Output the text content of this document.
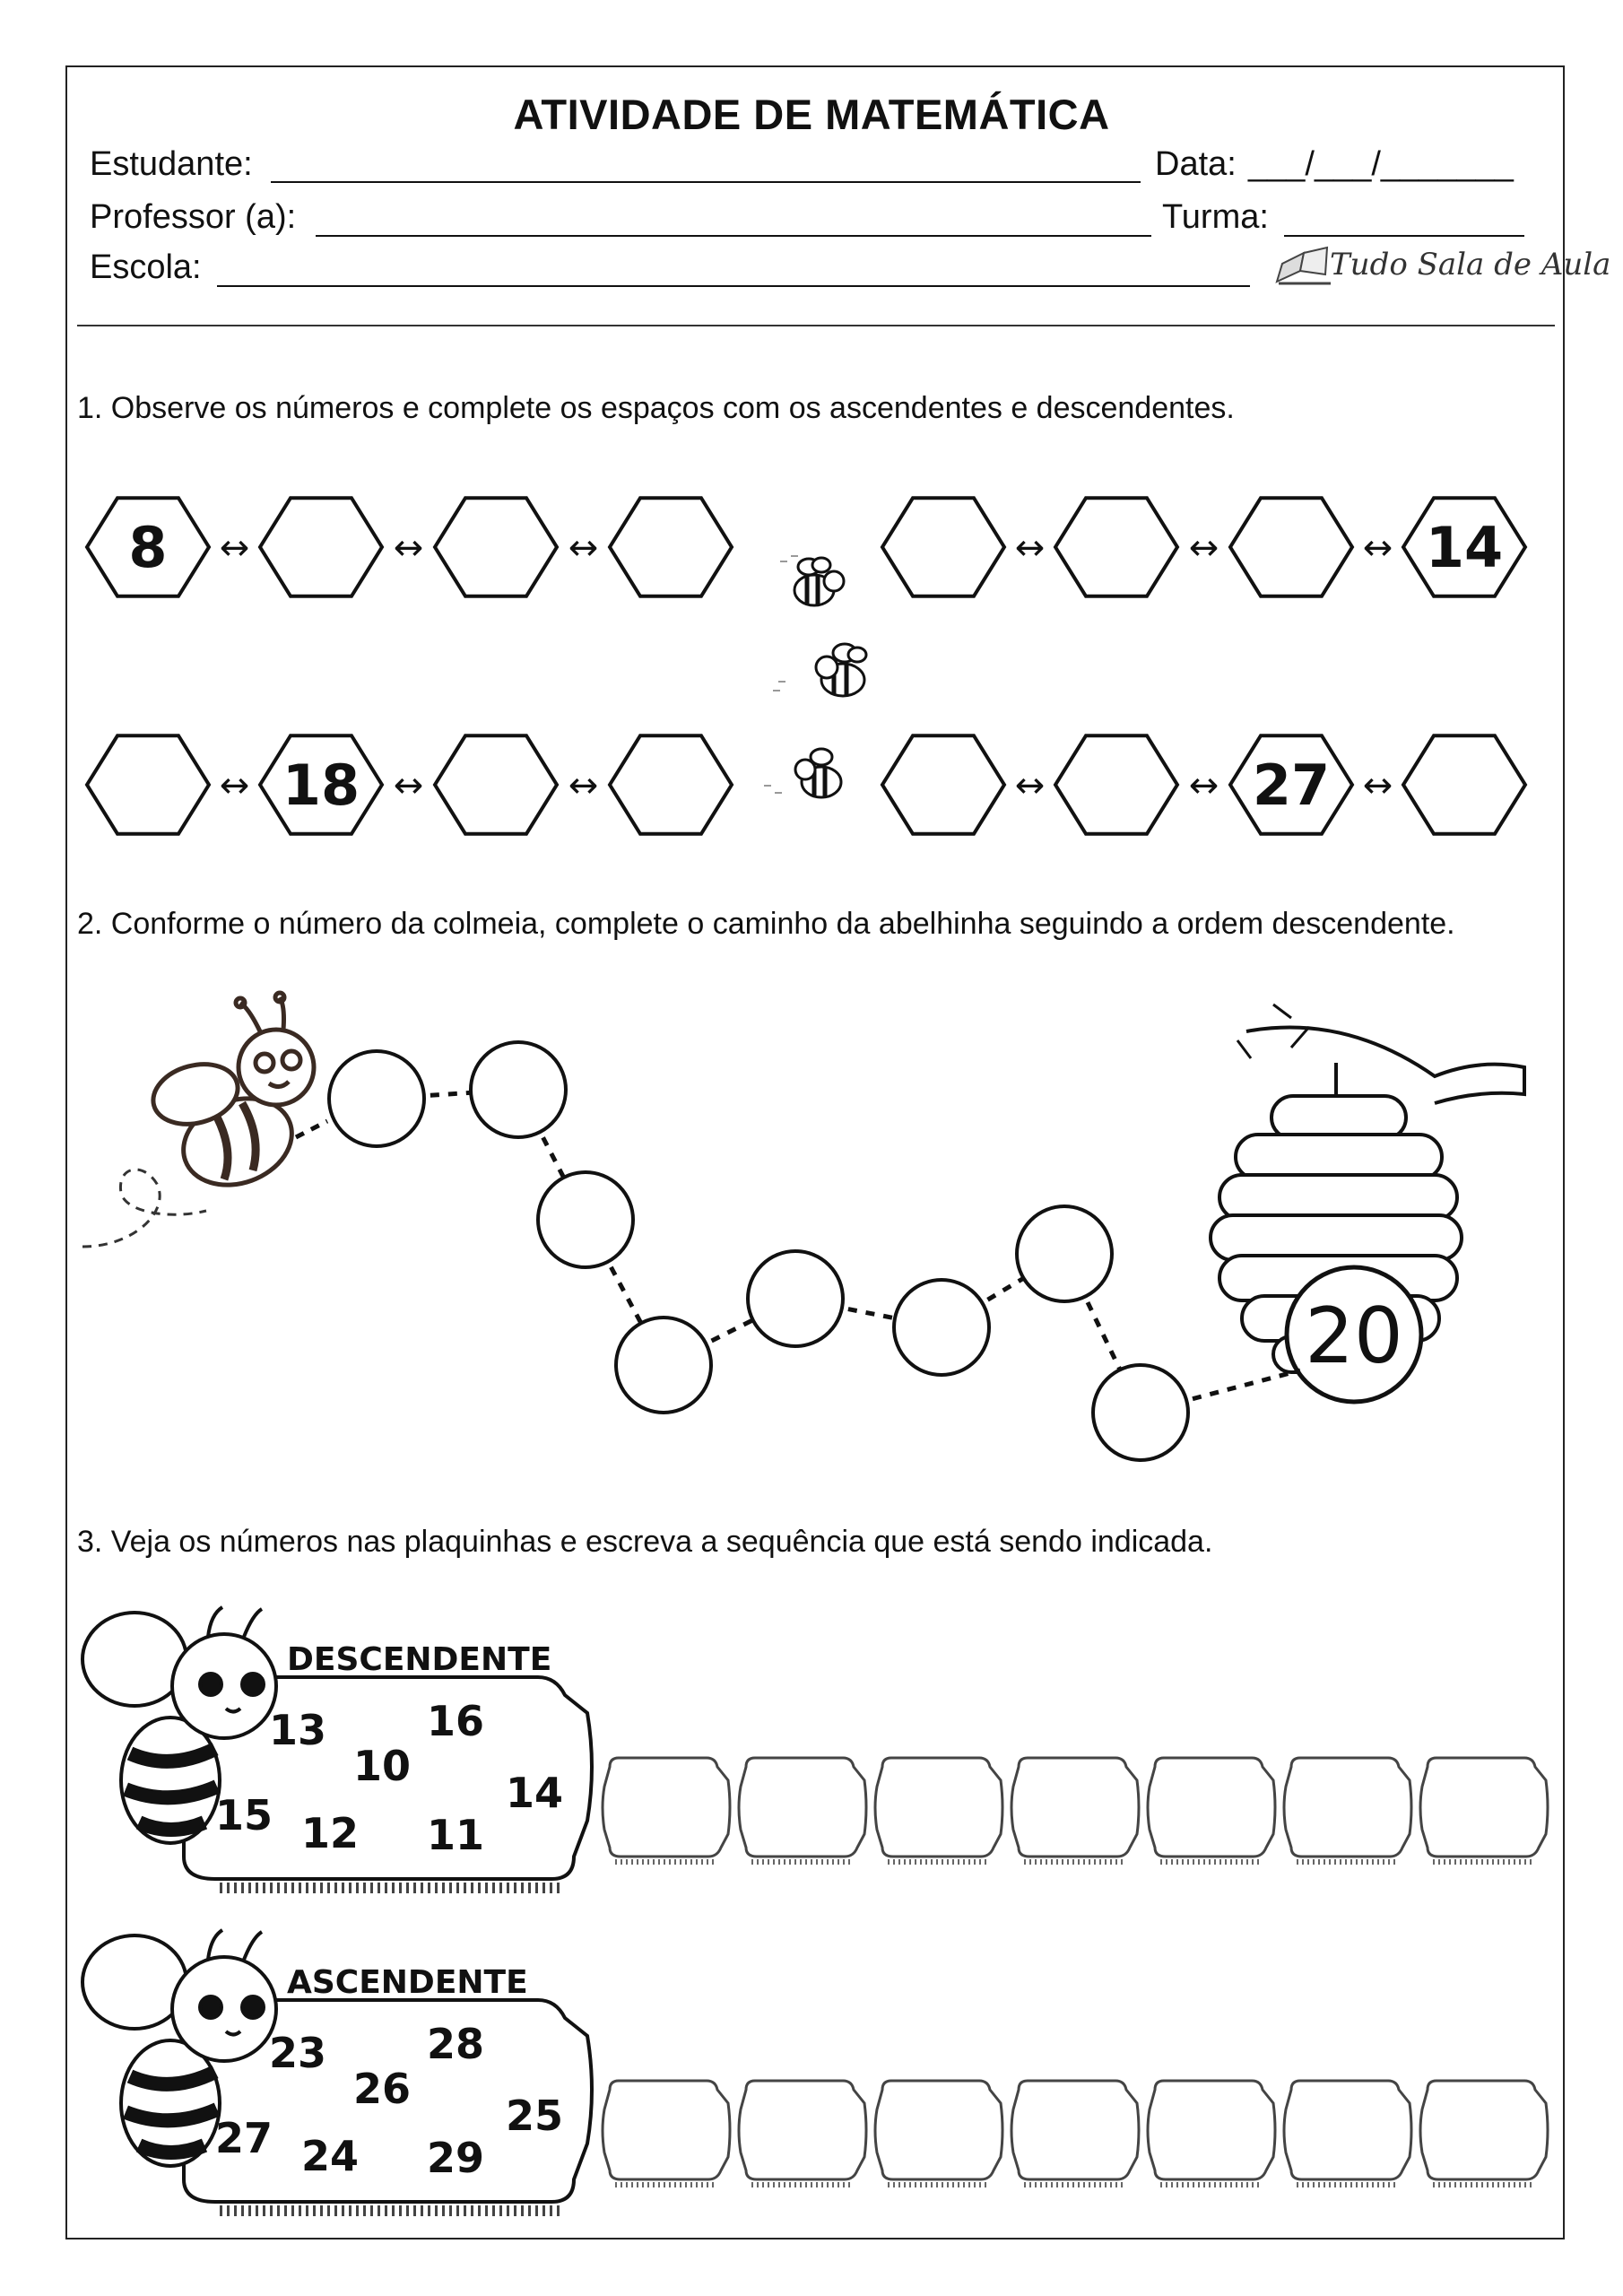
ATIVIDADE DE MATEMÁTICA
Estudante:	Data: ___/___/_______
Professor (a):	Turma:
Escola:	Tudo Sala de Aula
1. Observe os números e complete os espaços com os ascendentes e descendentes.
8 ↔	↔	↔	↔	↔	↔ 14
↔ 18 ↔	↔	↔	↔ 27 ↔
2. Conforme o número da colmeia, complete o caminho da abelhinha seguindo a ordem descendente.
20
3. Veja os números nas plaquinhas e escreva a sequência que está sendo indicada.
DESCENDENTE
13 16
10
14
15 12 11
ASCENDENTE
23 28
26
25
27 24 29
